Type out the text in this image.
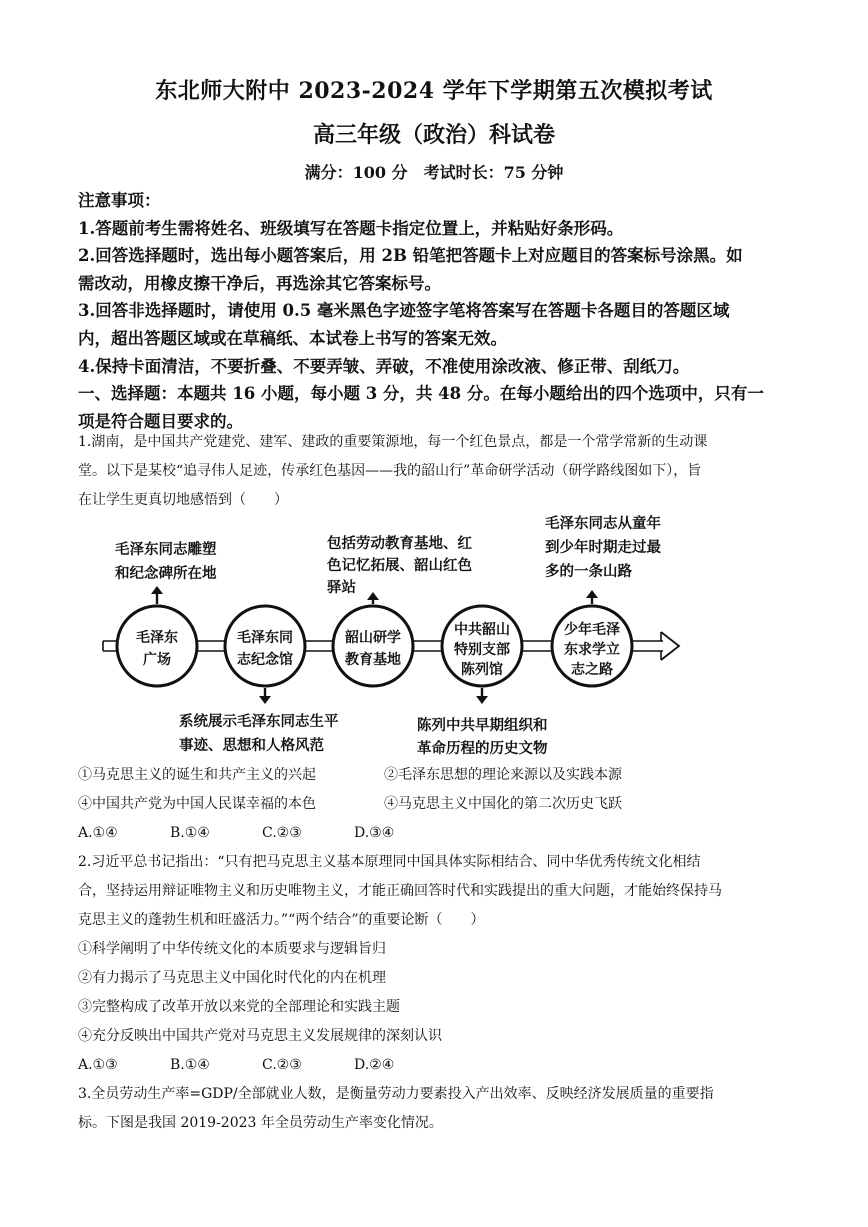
东北师大附中 2023-2024 学年下学期第五次模拟考试
高三年级（政治）科试卷
满分：100 分　考试时长：75 分钟

注意事项：

1.答题前考生需将姓名、班级填写在答题卡指定位置上，并粘贴好条形码。

2.回答选择题时，选出每小题答案后，用 2B 铅笔把答题卡上对应题目的答案标号涂黑。如

需改动，用橡皮擦干净后，再选涂其它答案标号。

3.回答非选择题时，请使用 0.5 毫米黑色字迹签字笔将答案写在答题卡各题目的答题区域

内，超出答题区域或在草稿纸、本试卷上书写的答案无效。

4.保持卡面清洁，不要折叠、不要弄皱、弄破，不准使用涂改液、修正带、刮纸刀。

一、选择题：本题共 16 小题，每小题 3 分，共 48 分。在每小题给出的四个选项中，只有一

项是符合题目要求的。

1.湖南，是中国共产党建党、建军、建政的重要策源地，每一个红色景点，都是一个常学常新的生动课

堂。以下是某校“追寻伟人足迹，传承红色基因——我的韶山行”革命研学活动（研学路线图如下），旨

在让学生更真切地感悟到（　　）

毛泽东
广场
毛泽东同
志纪念馆
韶山研学
教育基地
中共韶山
特别支部
陈列馆
少年毛泽
东求学立
志之路
毛泽东同志雕塑
和纪念碑所在地
包括劳动教育基地、红
色记忆拓展、韶山红色
驿站
毛泽东同志从童年
到少年时期走过最
多的一条山路
系统展示毛泽东同志生平
事迹、思想和人格风范
陈列中共早期组织和
革命历程的历史文物

①马克思主义的诞生和共产主义的兴起	②毛泽东思想的理论来源以及实践本源

④中国共产党为中国人民谋幸福的本色	④马克思主义中国化的第二次历史飞跃

A.①④	B.①④	C.②③	D.③④

2.习近平总书记指出：“只有把马克思主义基本原理同中国具体实际相结合、同中华优秀传统文化相结

合，坚持运用辩证唯物主义和历史唯物主义，才能正确回答时代和实践提出的重大问题，才能始终保持马

克思主义的蓬勃生机和旺盛活力。”“两个结合”的重要论断（　　）

①科学阐明了中华传统文化的本质要求与逻辑旨归

②有力揭示了马克思主义中国化时代化的内在机理

③完整构成了改革开放以来党的全部理论和实践主题

④充分反映出中国共产党对马克思主义发展规律的深刻认识

A.①③	B.①④	C.②③	D.②④

3.全员劳动生产率=GDP/全部就业人数，是衡量劳动力要素投入产出效率、反映经济发展质量的重要指

标。下图是我国 2019-2023 年全员劳动生产率变化情况。
